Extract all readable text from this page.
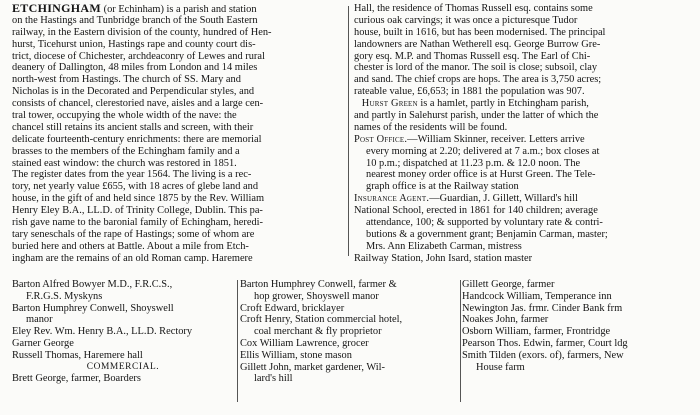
ETCHINGHAM (or Echinham) is a parish and station
on the Hastings and Tunbridge branch of the South Eastern
railway, in the Eastern division of the county, hundred of Hen-
hurst, Ticehurst union, Hastings rape and county court dis-
trict, diocese of Chichester, archdeaconry of Lewes and rural
deanery of Dallington, 48 miles from London and 14 miles
north-west from Hastings. The church of SS. Mary and
Nicholas is in the Decorated and Perpendicular styles, and
consists of chancel, clerestoried nave, aisles and a large cen-
tral tower, occupying the whole width of the nave: the
chancel still retains its ancient stalls and screen, with their
delicate fourteenth-century enrichments: there are memorial
brasses to the members of the Echingham family and a
stained east window: the church was restored in 1851.
The register dates from the year 1564. The living is a rec-
tory, net yearly value £655, with 18 acres of glebe land and
house, in the gift of and held since 1875 by the Rev. William
Henry Eley B.A., LL.D. of Trinity College, Dublin. This pa-
rish gave name to the baronial family of Echingham, heredi-
tary seneschals of the rape of Hastings; some of whom are
buried here and others at Battle. About a mile from Etch-
ingham are the remains of an old Roman camp. Haremere
Hall, the residence of Thomas Russell esq. contains some
curious oak carvings; it was once a picturesque Tudor
house, built in 1616, but has been modernised. The principal
landowners are Nathan Wetherell esq. George Burrow Gre-
gory esq. M.P. and Thomas Russell esq. The Earl of Chi-
chester is lord of the manor. The soil is close; subsoil, clay
and sand. The chief crops are hops. The area is 3,750 acres;
rateable value, £6,653; in 1881 the population was 907.
Hurst Green is a hamlet, partly in Etchingham parish,
and partly in Salehurst parish, under the latter of which the
names of the residents will be found.
Post Office.—William Skinner, receiver. Letters arrive
every morning at 2.20; delivered at 7 a.m.; box closes at
10 p.m.; dispatched at 11.23 p.m. & 12.0 noon. The
nearest money order office is at Hurst Green. The Tele-
graph office is at the Railway station
Insurance Agent.—Guardian, J. Gillett, Willard's hill
National School, erected in 1861 for 140 children; average
attendance, 100; & supported by voluntary rate & contri-
butions & a government grant; Benjamin Carman, master;
Mrs. Ann Elizabeth Carman, mistress
Railway Station, John Isard, station master
Barton Alfred Bowyer M.D., F.R.C.S.,
F.R.G.S. Myskyns
Barton Humphrey Conwell, Shoyswell
manor
Eley Rev. Wm. Henry B.A., LL.D. Rectory
Garner George
Russell Thomas, Haremere hall
COMMERCIAL.
Brett George, farmer, Boarders
Barton Humphrey Conwell, farmer &
hop grower, Shoyswell manor
Croft Edward, bricklayer
Croft Henry, Station commercial hotel,
coal merchant & fly proprietor
Cox William Lawrence, grocer
Ellis William, stone mason
Gillett John, market gardener, Wil-
lard's hill
Gillett George, farmer
Handcock William, Temperance inn
Newington Jas. frmr. Cinder Bank frm
Noakes John, farmer
Osborn William, farmer, Frontridge
Pearson Thos. Edwin, farmer, Court ldg
Smith Tilden (exors. of), farmers, New
House farm
